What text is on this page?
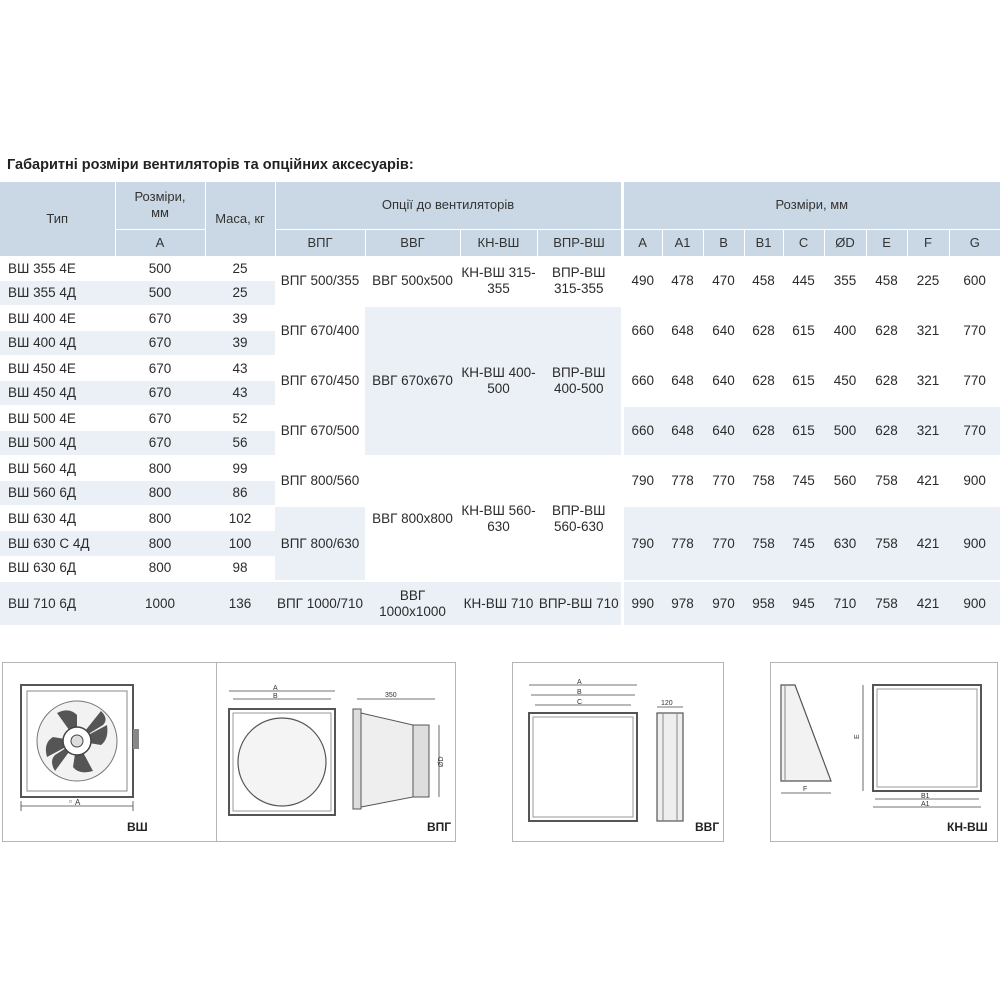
Габаритні розміри вентиляторів та опційних аксесуарів:
Тип	Розміри, мм	Маса, кг	Опції до вентиляторів				Розміри, мм								
	A		ВПГ	ВВГ	КН-ВШ	ВПР-ВШ	A	A1	B	B1	C	ØD	E	F	G
ВШ 355 4Е	500	25	ВПГ 500/355	ВВГ 500x500	КН-ВШ 315-355	ВПР-ВШ 315-355	490	478	470	458	445	355	458	225	600
ВШ 355 4Д	500	25													
ВШ 400 4Е	670	39	ВПГ 670/400	ВВГ 670x670	КН-ВШ 400-500	ВПР-ВШ 400-500	660	648	640	628	615	400	628	321	770
ВШ 400 4Д	670	39													
ВШ 450 4Е	670	43	ВПГ 670/450				660	648	640	628	615	450	628	321	770
ВШ 450 4Д	670	43													
ВШ 500 4Е	670	52	ВПГ 670/500				660	648	640	628	615	500	628	321	770
ВШ 500 4Д	670	56													
ВШ 560 4Д	800	99	ВПГ 800/560	ВВГ 800x800	КН-ВШ 560-630	ВПР-ВШ 560-630	790	778	770	758	745	560	758	421	900
ВШ 560 6Д	800	86													
ВШ 630 4Д	800	102	ВПГ 800/630				790	778	770	758	745	630	758	421	900
ВШ 630 С 4Д	800	100													
ВШ 630 6Д	800	98													
ВШ 710 6Д	1000	136	ВПГ 1000/710	ВВГ 1000x1000	КН-ВШ 710	ВПР-ВШ 710	990	978	970	958	945	710	758	421	900
▫ A
ВШ
A
B	350
ØD
ВПГ
A
B
C	120
ВВГ
F
E
B1
A1
КН-ВШ
